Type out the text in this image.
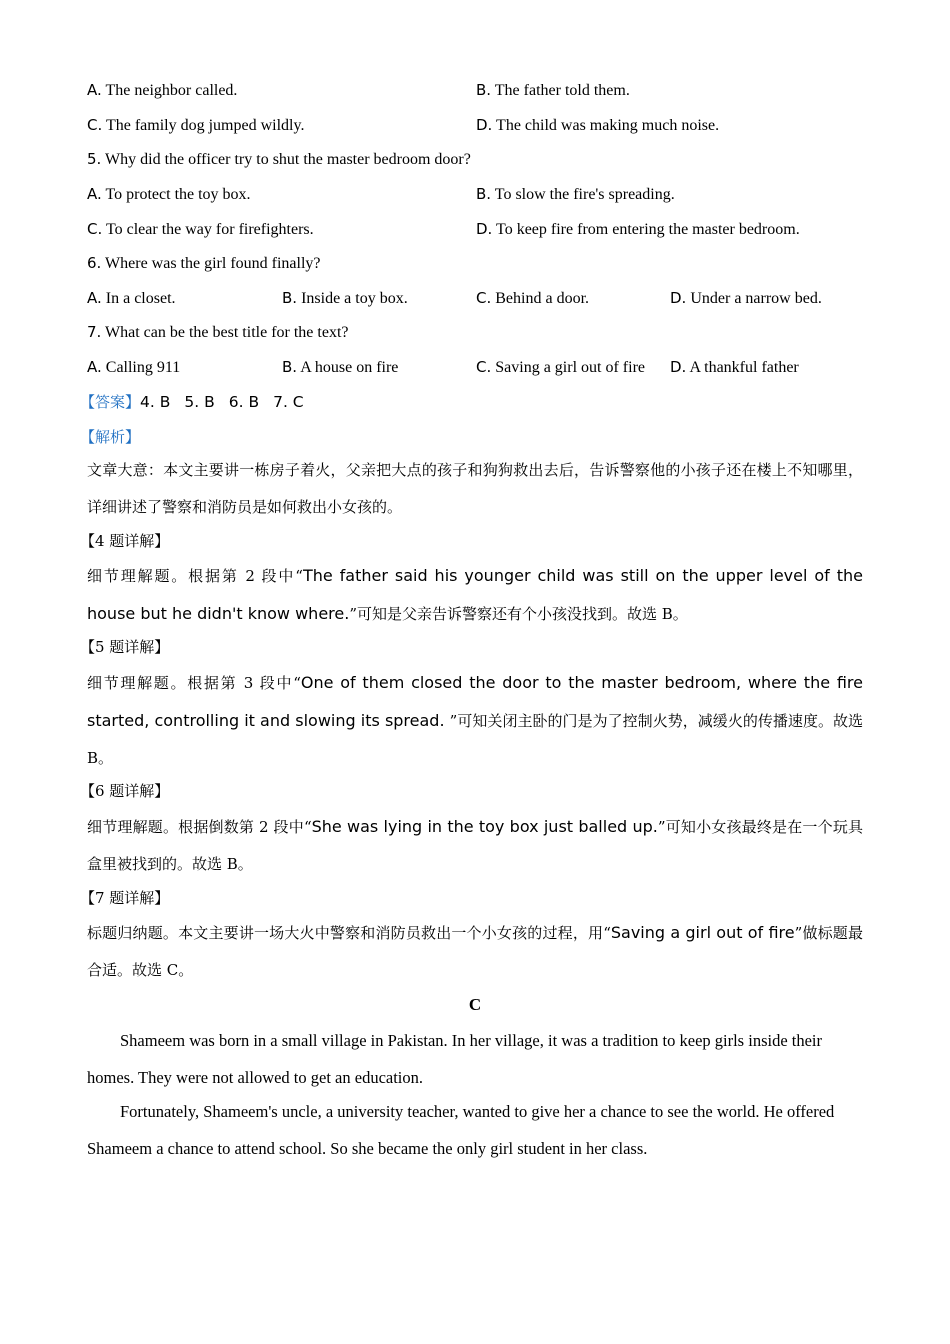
A. The neighbor called.	B. The father told them.
C. The family dog jumped wildly.	D. The child was making much noise.
5. Why did the officer try to shut the master bedroom door?
A. To protect the toy box.	B. To slow the fire's spreading.
C. To clear the way for firefighters.	D. To keep fire from entering the master bedroom.
6. Where was the girl found finally?
A. In a closet.	B. Inside a toy box.	C. Behind a door.	D. Under a narrow bed.
7. What can be the best title for the text?
A. Calling 911	B. A house on fire	C. Saving a girl out of fire D. A thankful father
【答案】4. B 5. B 6. B 7. C
【解析】
文章大意：本文主要讲一栋房子着火，父亲把大点的孩子和狗狗救出去后，告诉警察他的小孩子还在楼上不知哪里，详细讲述了警察和消防员是如何救出小女孩的。
【4 题详解】
细节理解题。根据第 2 段中“The father said his younger child was still on the upper level of the house but he didn't know where.”可知是父亲告诉警察还有个小孩没找到。故选 B。
【5 题详解】
细节理解题。根据第 3 段中“One of them closed the door to the master bedroom, where the fire started, controlling it and slowing its spread. ”可知关闭主卧的门是为了控制火势，减缓火的传播速度。故选 B。
【6 题详解】
细节理解题。根据倒数第 2 段中“She was lying in the toy box just balled up.”可知小女孩最终是在一个玩具盒里被找到的。故选 B。
【7 题详解】
标题归纳题。本文主要讲一场大火中警察和消防员救出一个小女孩的过程，用“Saving a girl out of fire”做标题最合适。故选 C。
C
Shameem was born in a small village in Pakistan. In her village, it was a tradition to keep girls inside their homes. They were not allowed to get an education.
Fortunately, Shameem's uncle, a university teacher, wanted to give her a chance to see the world. He offered Shameem a chance to attend school. So she became the only girl student in her class.
